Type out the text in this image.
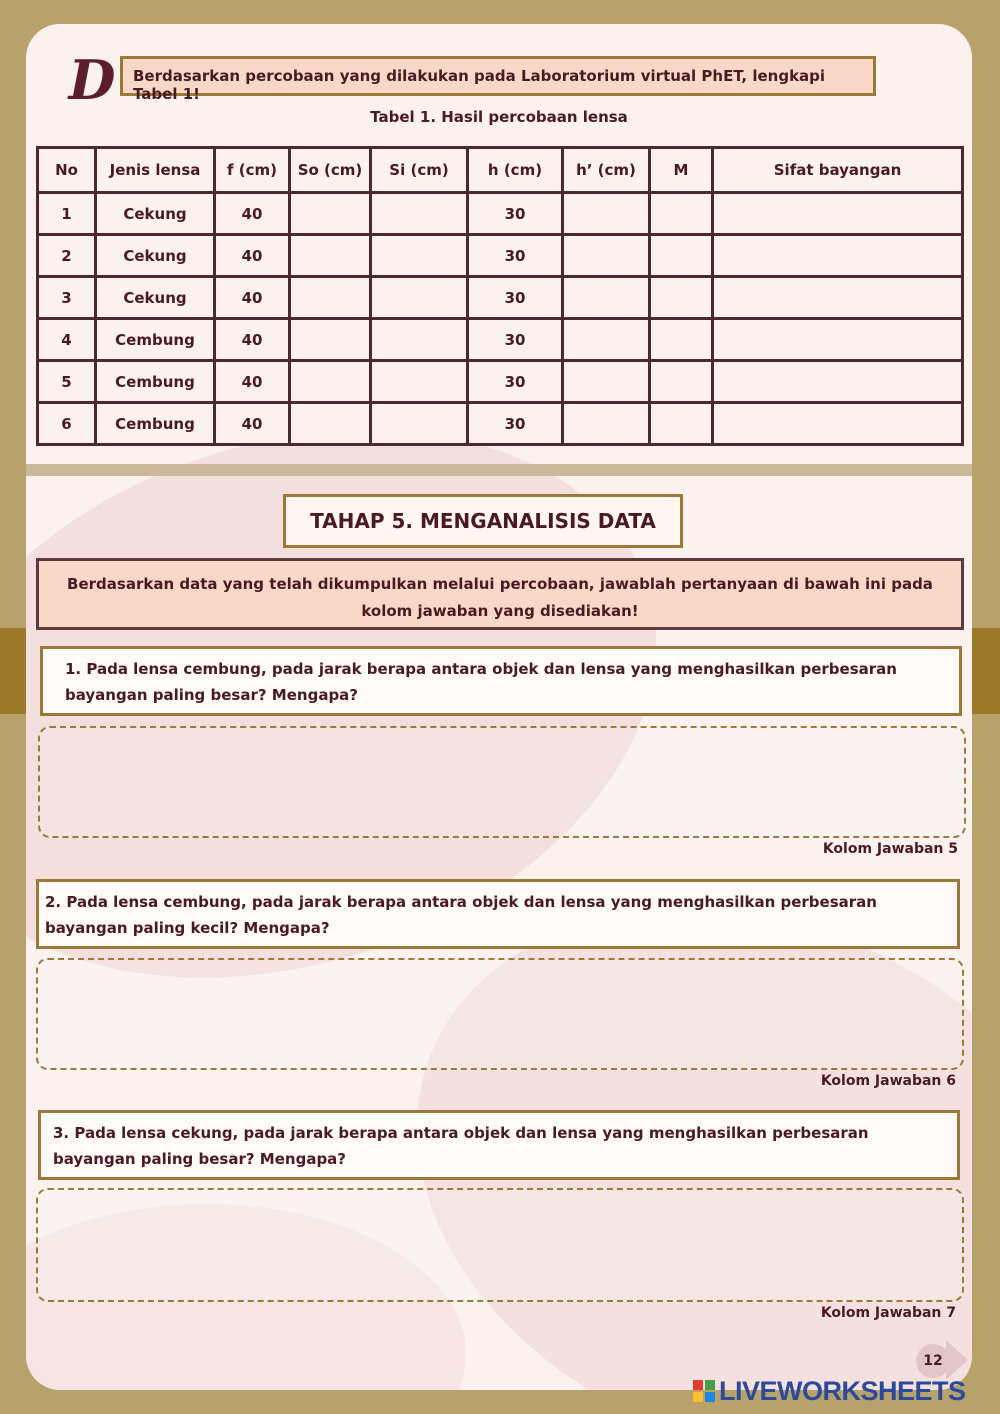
D	Berdasarkan percobaan yang dilakukan pada Laboratorium virtual PhET, lengkapi Tabel 1!
Tabel 1. Hasil percobaan lensa
No	Jenis lensa	f (cm)	So (cm)	Si (cm)	h (cm)	h’ (cm)	M	Sifat bayangan
1	Cekung	40			30			
2	Cekung	40			30			
3	Cekung	40			30			
4	Cembung	40			30			
5	Cembung	40			30			
6	Cembung	40			30			
TAHAP 5. MENGANALISIS DATA
Berdasarkan data yang telah dikumpulkan melalui percobaan, jawablah pertanyaan di bawah ini pada kolom jawaban yang disediakan!
1. Pada lensa cembung, pada jarak berapa antara objek dan lensa yang menghasilkan perbesaran bayangan paling besar? Mengapa?
Kolom Jawaban 5
2. Pada lensa cembung, pada jarak berapa antara objek dan lensa yang menghasilkan perbesaran bayangan paling kecil? Mengapa?
Kolom Jawaban 6
3. Pada lensa cekung, pada jarak berapa antara objek dan lensa yang menghasilkan perbesaran bayangan paling besar? Mengapa?
Kolom Jawaban 7
12
LIVEWORKSHEETS
